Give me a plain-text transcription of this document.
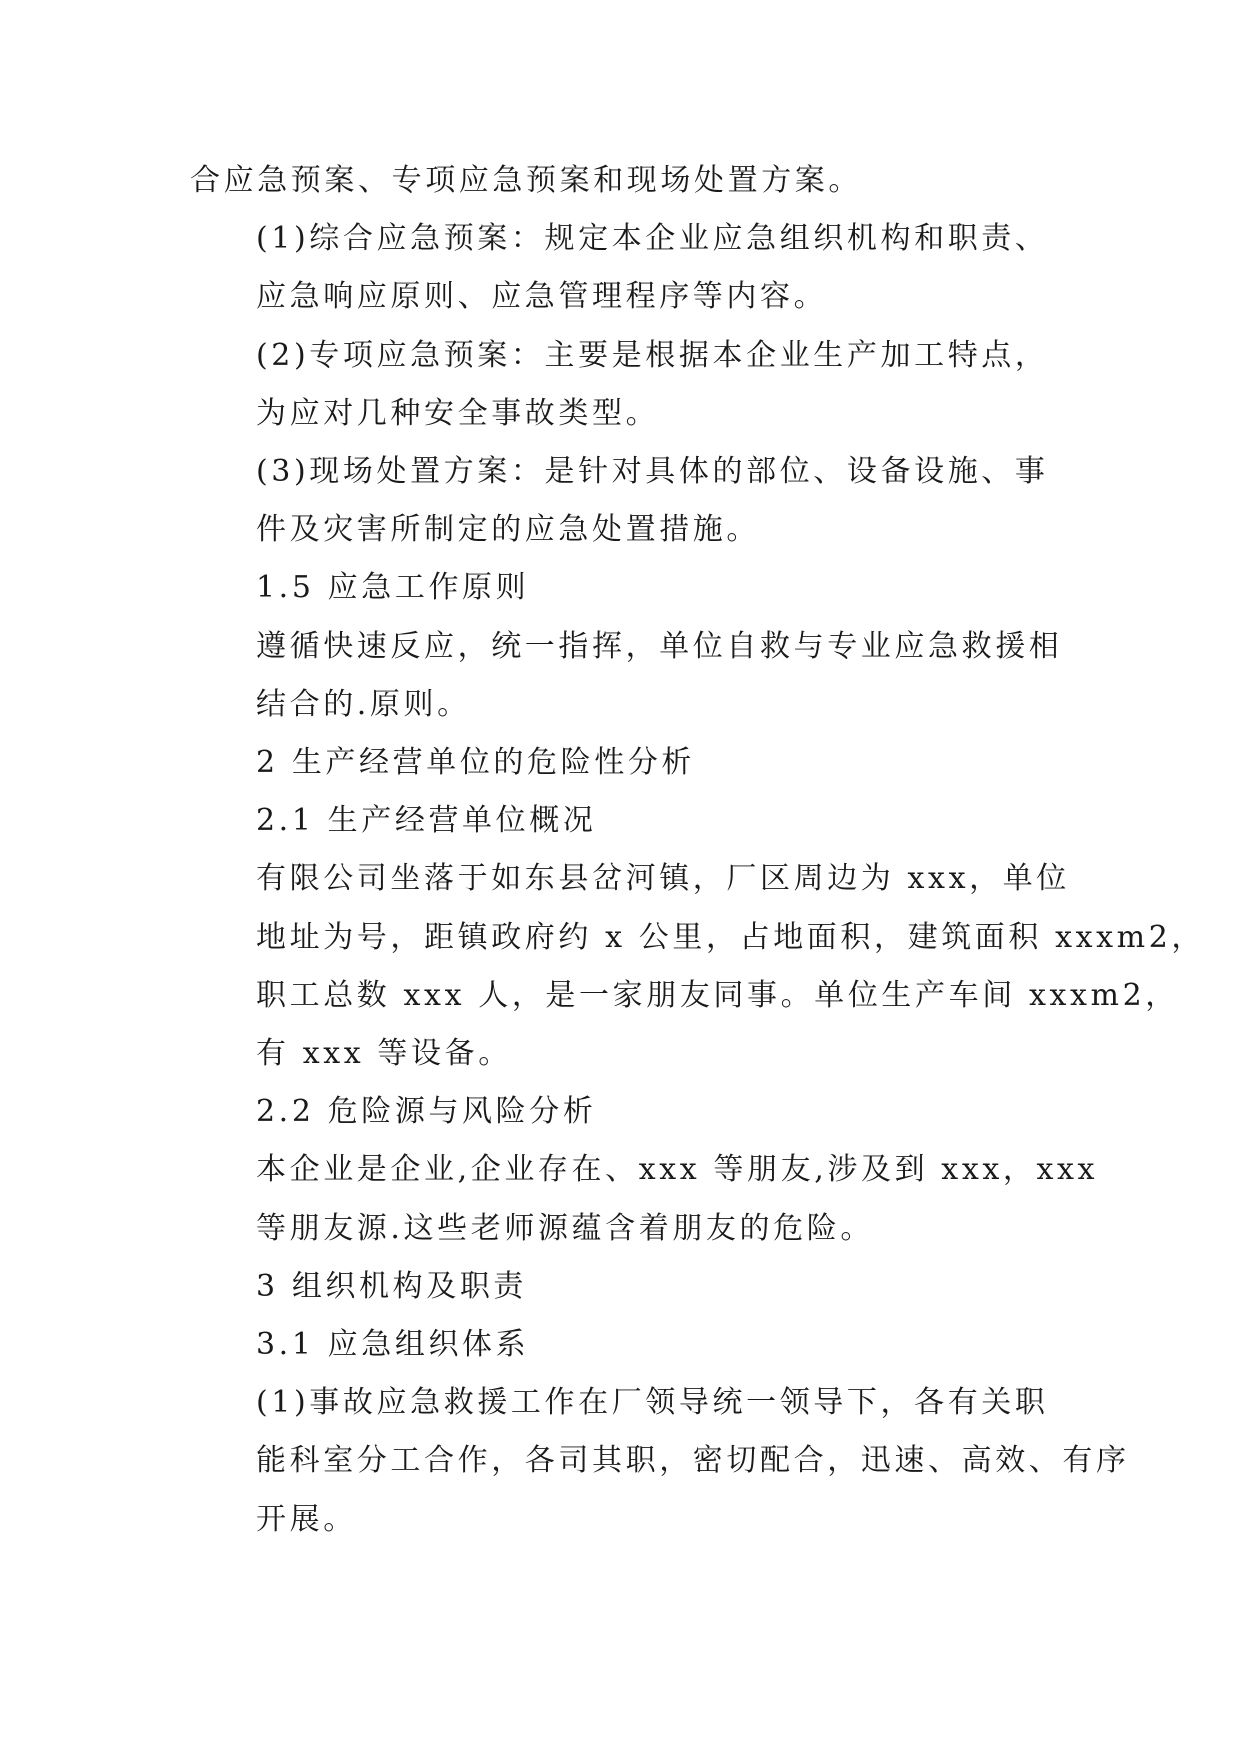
合应急预案、专项应急预案和现场处置方案。

(1)综合应急预案：规定本企业应急组织机构和职责、
应急响应原则、应急管理程序等内容。

(2)专项应急预案：主要是根据本企业生产加工特点，
为应对几种安全事故类型。

(3)现场处置方案：是针对具体的部位、设备设施、事
件及灾害所制定的应急处置措施。

1.5 应急工作原则

遵循快速反应，统一指挥，单位自救与专业应急救援相
结合的.原则。

2 生产经营单位的危险性分析

2.1 生产经营单位概况

有限公司坐落于如东县岔河镇，厂区周边为 xxx，单位
地址为号，距镇政府约 x 公里，占地面积，建筑面积 xxxm2，
职工总数 xxx 人，是一家朋友同事。单位生产车间 xxxm2，
有 xxx 等设备。

2.2 危险源与风险分析

本企业是企业,企业存在、xxx 等朋友,涉及到 xxx，xxx
等朋友源.这些老师源蕴含着朋友的危险。

3 组织机构及职责

3.1 应急组织体系

(1)事故应急救援工作在厂领导统一领导下，各有关职
能科室分工合作，各司其职，密切配合，迅速、高效、有序
开展。
